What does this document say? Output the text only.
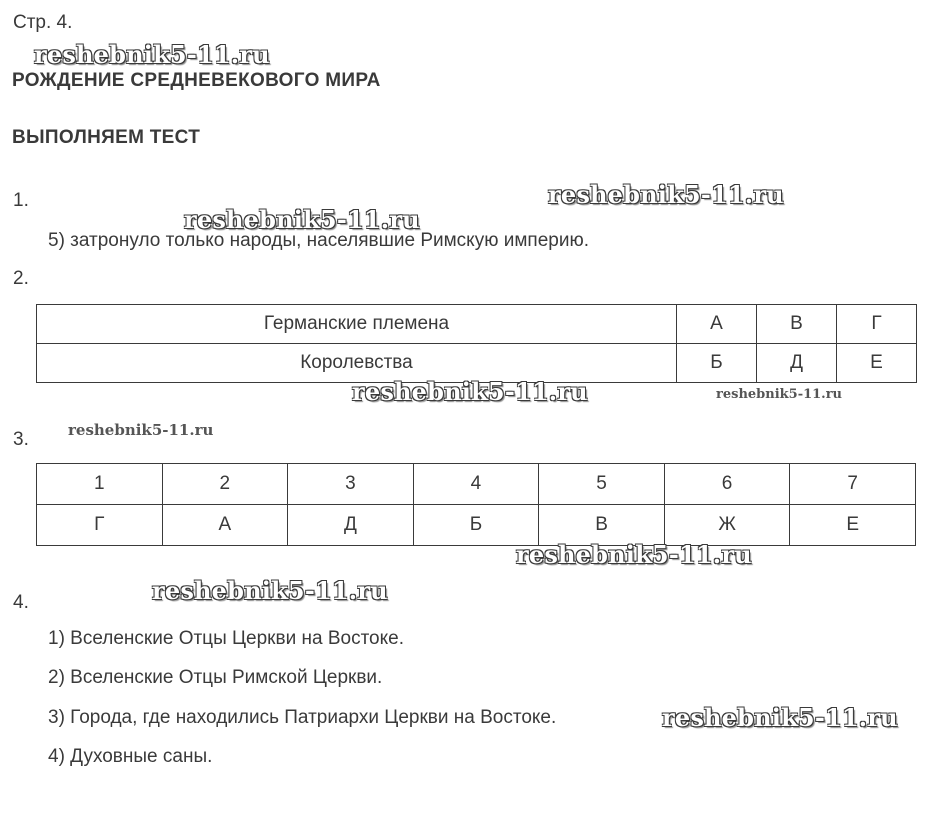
Стр. 4.
reshebnik5-11.ru
РОЖДЕНИЕ СРЕДНЕВЕКОВОГО МИРА
ВЫПОЛНЯЕМ ТЕСТ
1.	reshebnik5-11.ru
reshebnik5-11.ru
5) затронуло только народы, населявшие Римскую империю.
2.
Германские племена	А	В	Г
Королевства	Б	Д	Е
reshebnik5-11.ru	reshebnik5-11.ru
3.	reshebnik5-11.ru
1	2	3	4	5	6	7
Г	А	Д	Б	В	Ж	Е
reshebnik5-11.ru
4.	reshebnik5-11.ru
1) Вселенские Отцы Церкви на Востоке.
2) Вселенские Отцы Римской Церкви.
3) Города, где находились Патриархи Церкви на Востоке.	reshebnik5-11.ru
4) Духовные саны.
